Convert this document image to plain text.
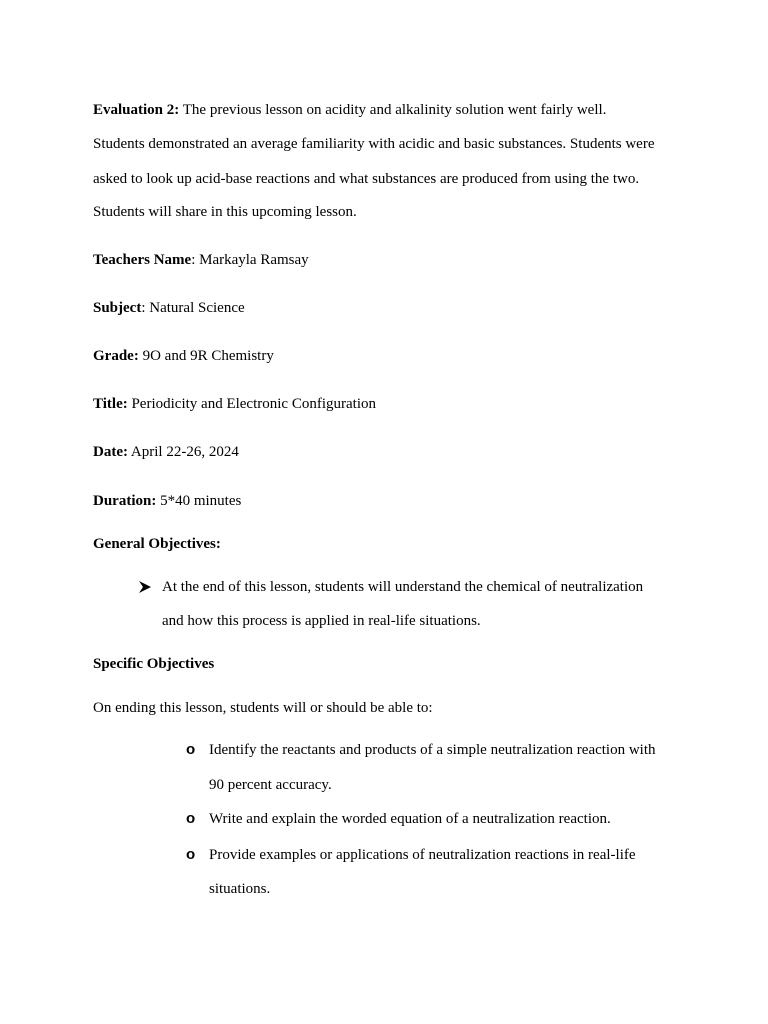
Evaluation 2: The previous lesson on acidity and alkalinity solution went fairly well.
Students demonstrated an average familiarity with acidic and basic substances. Students were
asked to look up acid-base reactions and what substances are produced from using the two.
Students will share in this upcoming lesson.
Teachers Name: Markayla Ramsay
Subject: Natural Science
Grade: 9O and 9R Chemistry
Title: Periodicity and Electronic Configuration
Date: April 22-26, 2024
Duration: 5*40 minutes
General Objectives:
At the end of this lesson, students will understand the chemical of neutralization
and how this process is applied in real-life situations.
Specific Objectives
On ending this lesson, students will or should be able to:
o Identify the reactants and products of a simple neutralization reaction with
90 percent accuracy.
o Write and explain the worded equation of a neutralization reaction.
o Provide examples or applications of neutralization reactions in real-life
situations.
